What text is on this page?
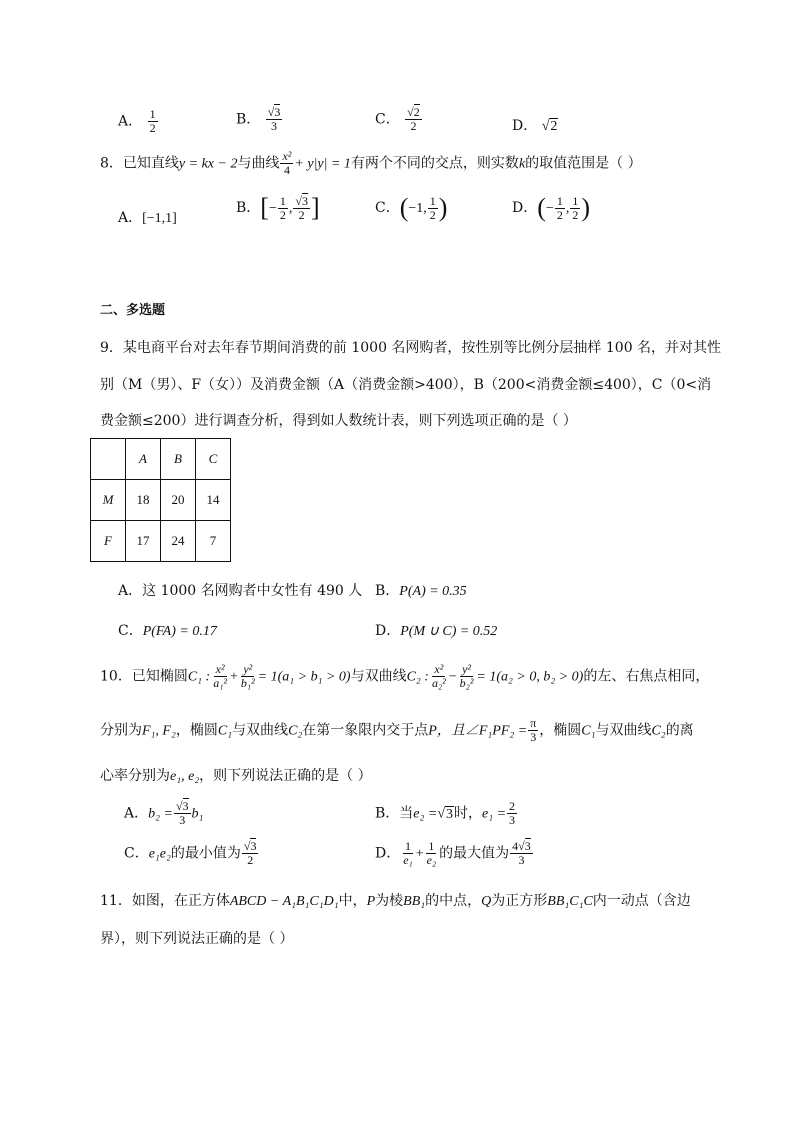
A． $\frac{1}{2}$	B． $\frac{√3}{3}$	C． $\frac{√2}{2}$	D． √2
8．已知直线y = kx − 2与曲线 $\frac{\text{x²}}{4} + y|y| = 1$有两个不同的交点，则实数k的取值范围是（ ）
A．[−1,1]
B．[− $\frac{1}{2}$ , $\frac{√3}{2}$ ]	C．(−1, $\frac{1}{2}$ )	D．(− $\frac{1}{2}$ , $\frac{1}{2}$ )
二、多选题
9．某电商平台对去年春节期间消费的前 1000 名网购者，按性别等比例分层抽样 100 名，并对其性
别（M（男）、F（女））及消费金额（A（消费金额>400），B（200<消费金额≤400），C（0<消
费金额≤200）进行调查分析，得到如人数统计表，则下列选项正确的是（ ）
	A	B	C
M	18	20	14
F	17	24	7
A．这 1000 名网购者中女性有 490 人 B．P(A) = 0.35
C．P(FA) = 0.17	D．P(M ∪ C) = 0.52
10．已知椭圆C₁ : $\frac{\text{x²}}{\text{a₁²}} + \frac{\text{y²}}{\text{b₁²}} = 1(a_1 > b_1 > 0)$与双曲线C₂ : $\frac{\text{x²}}{\text{a₂²}} - \frac{\text{y²}}{\text{b₂²}} = 1(a_2 > 0$, b₂ > 0)的左、右焦点相同，
分别为F₁, F₂，椭圆C₁与双曲线C₂在第一象限内交于点P，且∠F₁PF₂ = $\frac{\pi}{3}$ ，椭圆C₁与双曲线C₂的离
心率分别为e₁, e₂，则下列说法正确的是（ ）
A．$b_2 = \frac{√3}{3} b_1$	B．当e₂ =√3时，$e_1 = \frac{2}{3}$
C．e₁e₂的最小值为 $\frac{√3}{2}$	D． $\frac{1}{\text{e₁}} + \frac{1}{\text{e₂}}$ 的最大值为 $\frac{4√3}{3}$
11．如图，在正方体ABCD − A₁B₁C₁D₁中，P为棱BB₁的中点，Q为正方形BB₁C₁C内一动点（含边
界），则下列说法正确的是（ ）
